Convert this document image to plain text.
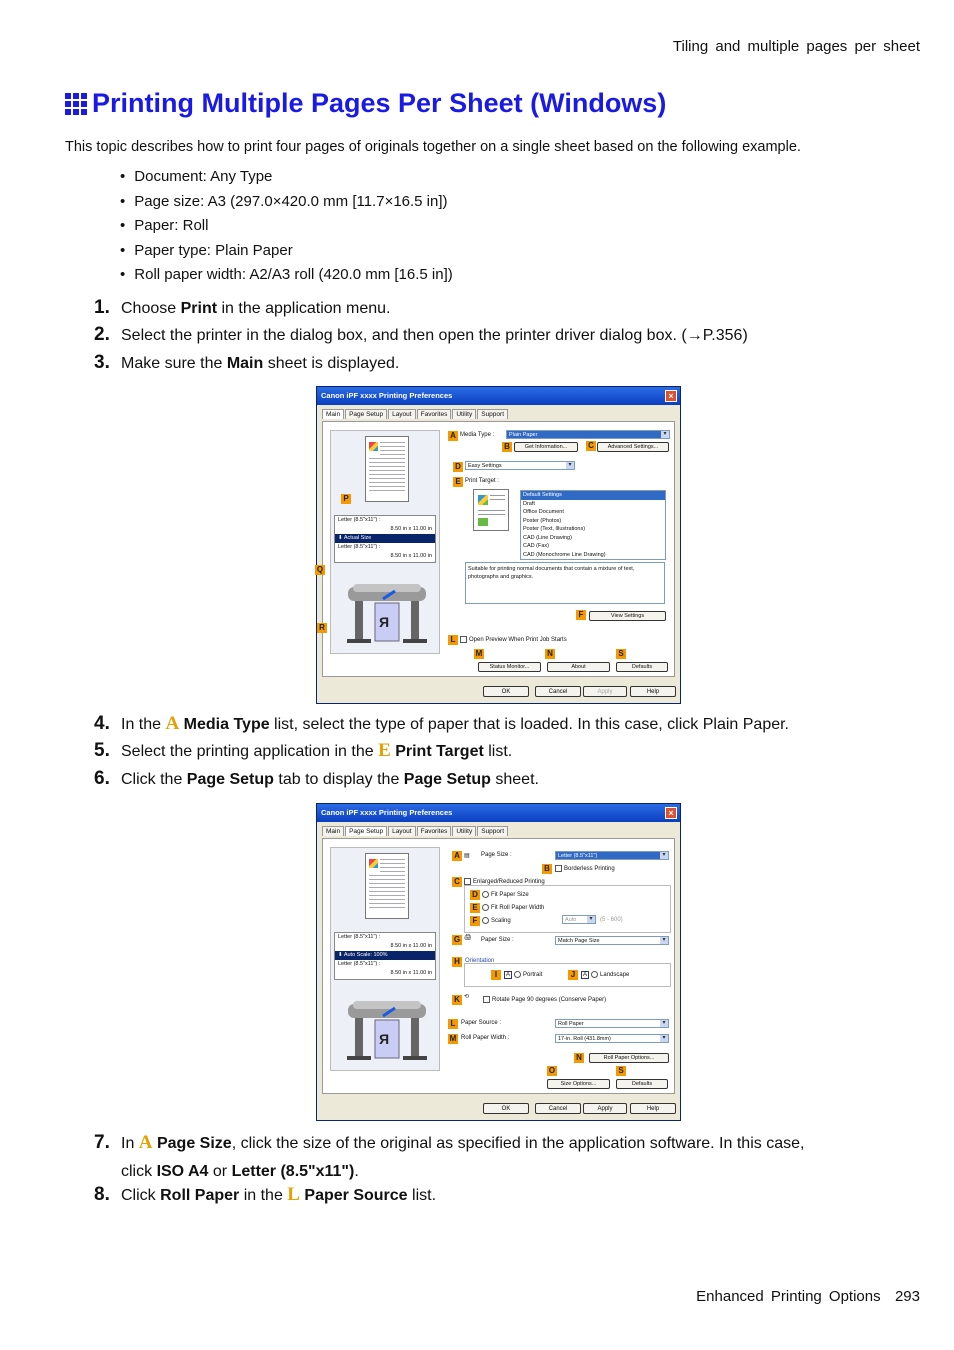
Tiling and multiple pages per sheet
Printing Multiple Pages Per Sheet (Windows)
This topic describes how to print four pages of originals together on a single sheet based on the following example.
• Document: Any Type
• Page size: A3 (297.0×420.0 mm [11.7×16.5 in])
• Paper: Roll
• Paper type: Plain Paper
• Roll paper width: A2/A3 roll (420.0 mm [16.5 in])
1. Choose Print in the application menu.
2. Select the printer in the dialog box, and then open the printer driver dialog box. (→P.356)
3. Make sure the Main sheet is displayed.
Canon iPF xxxx Printing Preferences	×
Main	Page Setup	Layout	Favorites	Utility	Support
Letter (8.5"x11") :
8.50 in x 11.00 in
⬇ Actual Size
Letter (8.5"x11") :
8.50 in x 11.00 in
R
P
Q
R
A Media Type :	Plain Paper ▾
B	Get Information...	C	Advanced Settings...
D	Easy Settings ▾
E Print Target :
Default Settings
Draft
Office Document
Poster (Photos)
Poster (Text, Illustrations)
CAD (Line Drawing)
CAD (Fax)
CAD (Monochrome Line Drawing)
Suitable for printing normal documents that contain a mixture of text, photographs and graphics.
F	View Settings
L	Open Preview When Print Job Starts
M
Status Monitor...
N
About
S
Defaults
OK	Cancel	Apply	Help
4. In the A Media Type list, select the type of paper that is loaded. In this case, click Plain Paper.
5. Select the printing application in the E Print Target list.
6. Click the Page Setup tab to display the Page Setup sheet.
Canon iPF xxxx Printing Preferences	×
Main	Page Setup	Layout	Favorites	Utility	Support
Letter (8.5"x11") :
8.50 in x 11.00 in
⬇ Auto Scale: 100%
Letter (8.5"x11") :
8.50 in x 11.00 in
R
A ▤ Page Size :	Letter (8.5"x11") ▾
B	Borderless Printing
C	Enlarged/Reduced Printing
D	Fit Paper Size
E	Fit Roll Paper Width
F	Scaling	Auto ▾	(5 - 600)
G 🖨 Paper Size :	Match Page Size ▾
H Orientation
I	A Portrait	J	A Landscape
K ⟲
Rotate Page 90 degrees (Conserve Paper)
L Paper Source :	Roll Paper ▾
M Roll Paper Width :	17-in. Roll (431.8mm) ▾
N	Roll Paper Options...
O
Size Options...
S
Defaults
OK	Cancel	Apply	Help
7. In A Page Size, click the size of the original as specified in the application software. In this case,
click ISO A4 or Letter (8.5"x11").
8. Click Roll Paper in the L Paper Source list.
Enhanced Printing Options 293
